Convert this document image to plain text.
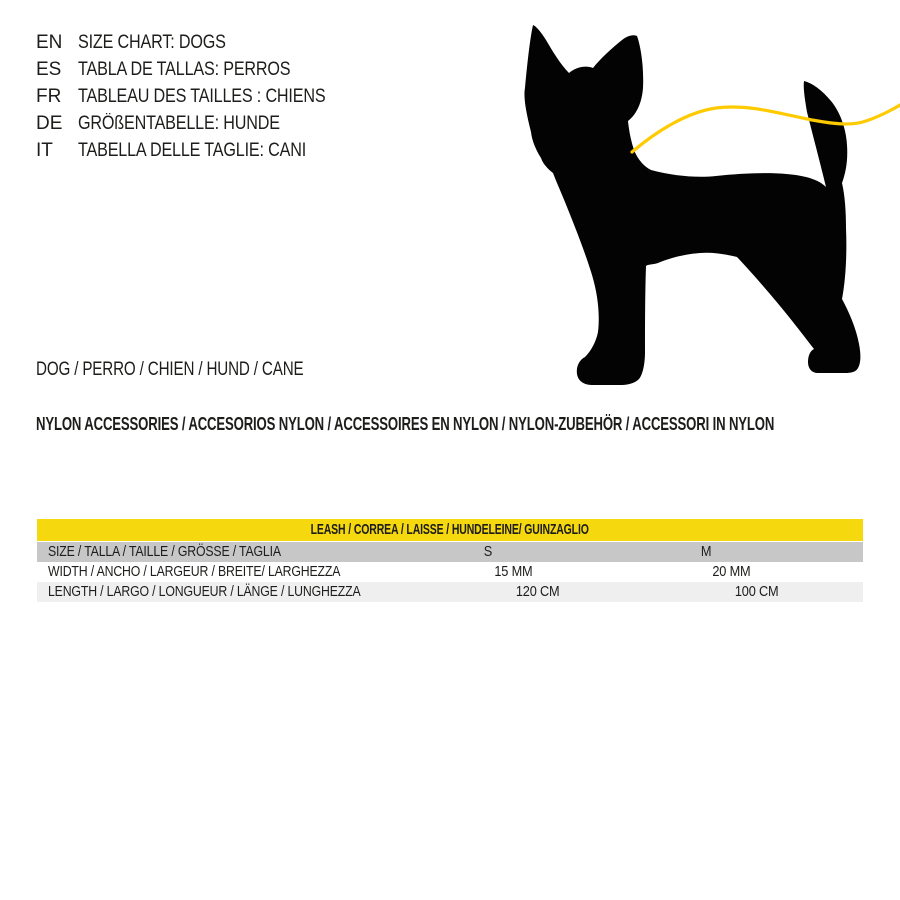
EN SIZE CHART: DOGS
ES TABLA DE TALLAS: PERROS
FR TABLEAU DES TAILLES : CHIENS
DE GRÖßENTABELLE: HUNDE
IT	TABELLA DELLE TAGLIE: CANI
DOG / PERRO / CHIEN / HUND / CANE
NYLON ACCESSORIES / ACCESORIOS NYLON / ACCESSOIRES EN NYLON / NYLON-ZUBEHÖR / ACCESSORI IN NYLON
LEASH / CORREA / LAISSE / HUNDELEINE/ GUINZAGLIO
SIZE / TALLA / TAILLE / GRÖSSE / TAGLIA	S	M
WIDTH / ANCHO / LARGEUR / BREITE/ LARGHEZZA	15 MM	20 MM
LENGTH / LARGO / LONGUEUR / LÄNGE / LUNGHEZZA	120 CM	100 CM
